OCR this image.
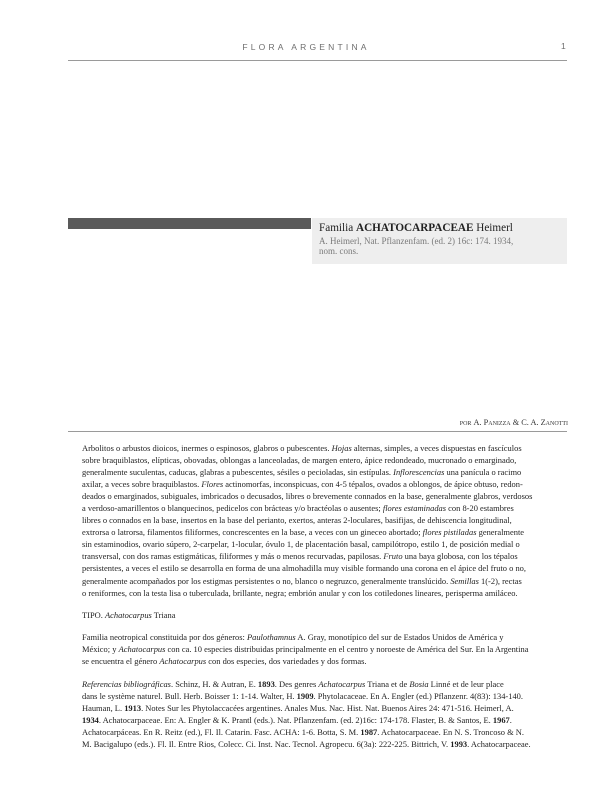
FLORA ARGENTINA	1
Familia ACHATOCARPACEAE Heimerl
A. Heimerl, Nat. Pflanzenfam. (ed. 2) 16c: 174. 1934,
nom. cons.
por A. Panizza & C. A. Zanotti

Arbolitos o arbustos dioicos, inermes o espinosos, glabros o pubescentes. Hojas alternas, simples, a veces dispuestas en fascículos
sobre braquiblastos, elípticas, obovadas, oblongas a lanceoladas, de margen entero, ápice redondeado, mucronado o emarginado,
generalmente suculentas, caducas, glabras a pubescentes, sésiles o pecioladas, sin estípulas. Inflorescencias una panícula o racimo
axilar, a veces sobre braquiblastos. Flores actinomorfas, inconspicuas, con 4-5 tépalos, ovados a oblongos, de ápice obtuso, redon-
deados o emarginados, subiguales, imbricados o decusados, libres o brevemente connados en la base, generalmente glabros, verdosos
a verdoso-amarillentos o blanquecinos, pedicelos con brácteas y/o bractéolas o ausentes; flores estaminadas con 8-20 estambres
libres o connados en la base, insertos en la base del perianto, exertos, anteras 2-loculares, basifijas, de dehiscencia longitudinal,
extrorsa o latrorsa, filamentos filiformes, concrescentes en la base, a veces con un gineceo abortado; flores pistiladas generalmente
sin estaminodios, ovario súpero, 2-carpelar, 1-locular, óvulo 1, de placentación basal, campilótropo, estilo 1, de posición medial o
transversal, con dos ramas estigmáticas, filiformes y más o menos recurvadas, papilosas. Fruto una baya globosa, con los tépalos
persistentes, a veces el estilo se desarrolla en forma de una almohadilla muy visible formando una corona en el ápice del fruto o no,
generalmente acompañados por los estigmas persistentes o no, blanco o negruzco, generalmente translúcido. Semillas 1(-2), rectas
o reniformes, con la testa lisa o tuberculada, brillante, negra; embrión anular y con los cotiledones lineares, perisperma amiláceo.

TIPO. Achatocarpus Triana

Familia neotropical constituida por dos géneros: Paulothamnus A. Gray, monotípico del sur de Estados Unidos de América y
México; y Achatocarpus con ca. 10 especies distribuidas principalmente en el centro y noroeste de América del Sur. En la Argentina
se encuentra el género Achatocarpus con dos especies, dos variedades y dos formas.

Referencias bibliográficas. Schinz, H. & Autran, E. 1893. Des genres Achatocarpus Triana et de Bosia Linné et de leur place
dans le système naturel. Bull. Herb. Boisser 1: 1-14. Walter, H. 1909. Phytolacaceae. En A. Engler (ed.) Pflanzenr. 4(83): 134-140.
Hauman, L. 1913. Notes Sur les Phytolaccacées argentines. Anales Mus. Nac. Hist. Nat. Buenos Aires 24: 471-516. Heimerl, A.
1934. Achatocarpaceae. En: A. Engler & K. Prantl (eds.). Nat. Pflanzenfam. (ed. 2)16c: 174-178. Flaster, B. & Santos, E. 1967.
Achatocarpáceas. En R. Reitz (ed.), Fl. Il. Catarin. Fasc. ACHA: 1-6. Botta, S. M. 1987. Achatocarpaceae. En N. S. Troncoso & N.
M. Bacigalupo (eds.). Fl. Il. Entre Rios, Colecc. Ci. Inst. Nac. Tecnol. Agropecu. 6(3a): 222-225. Bittrich, V. 1993. Achatocarpaceae.
